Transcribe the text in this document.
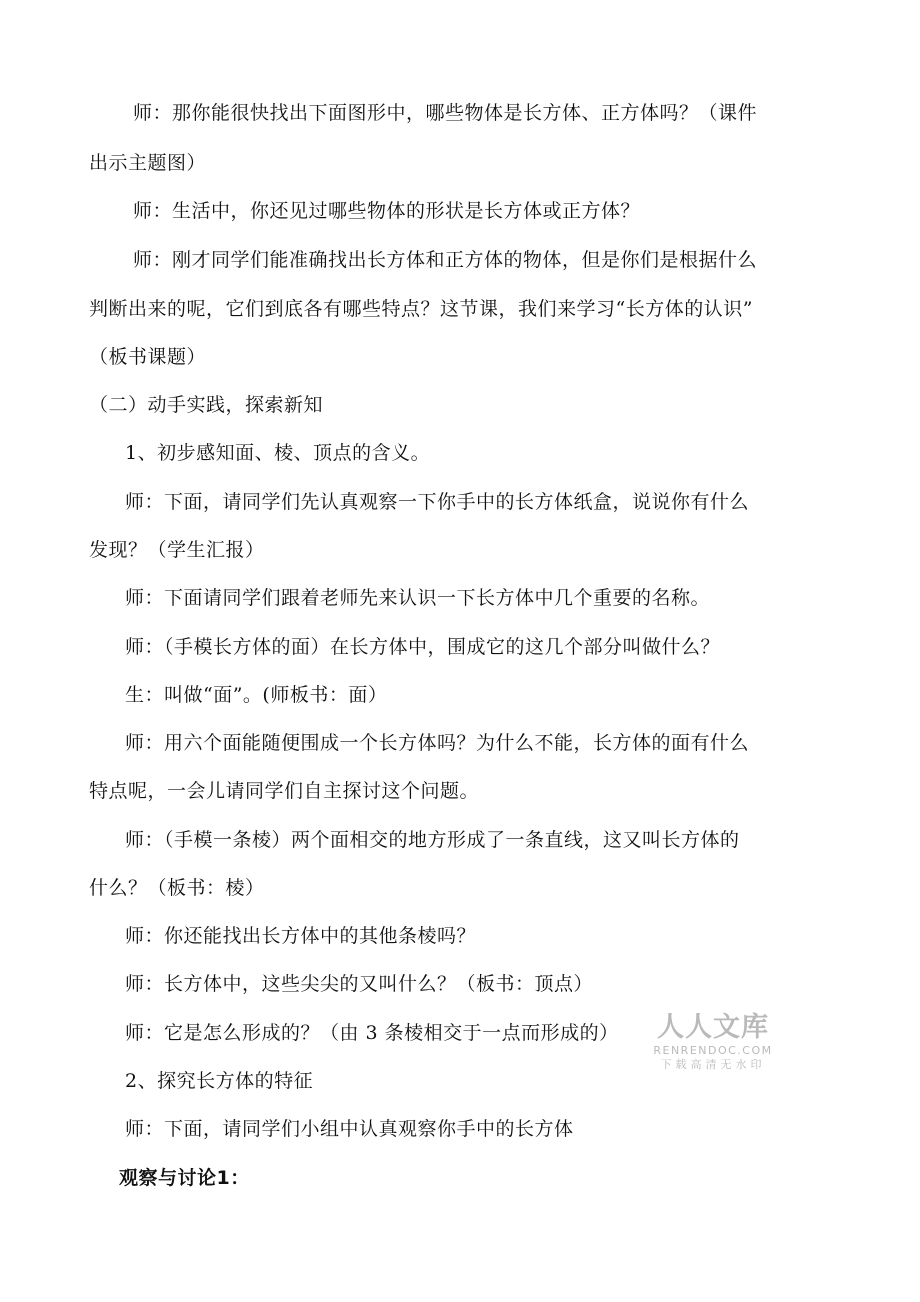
师：那你能很快找出下面图形中，哪些物体是长方体、正方体吗？（课件
出示主题图）
师：生活中，你还见过哪些物体的形状是长方体或正方体？
师：刚才同学们能准确找出长方体和正方体的物体，但是你们是根据什么
判断出来的呢，它们到底各有哪些特点？这节课，我们来学习“长方体的认识”
（板书课题）
（二）动手实践，探索新知
1、初步感知面、棱、顶点的含义。
师：下面，请同学们先认真观察一下你手中的长方体纸盒，说说你有什么
发现？（学生汇报）
师：下面请同学们跟着老师先来认识一下长方体中几个重要的名称。
师：（手模长方体的面）在长方体中，围成它的这几个部分叫做什么？
生：叫做“面”。(师板书：面）
师：用六个面能随便围成一个长方体吗？为什么不能，长方体的面有什么
特点呢，一会儿请同学们自主探讨这个问题。
师：（手模一条棱）两个面相交的地方形成了一条直线，这又叫长方体的
什么？（板书：棱）
师：你还能找出长方体中的其他条棱吗？
师：长方体中，这些尖尖的又叫什么？（板书：顶点）
师：它是怎么形成的？（由 3 条棱相交于一点而形成的）
2、探究长方体的特征
师：下面，请同学们小组中认真观察你手中的长方体
观察与讨论1：
人人文库
RENRENDOC.COM
下载高清无水印
